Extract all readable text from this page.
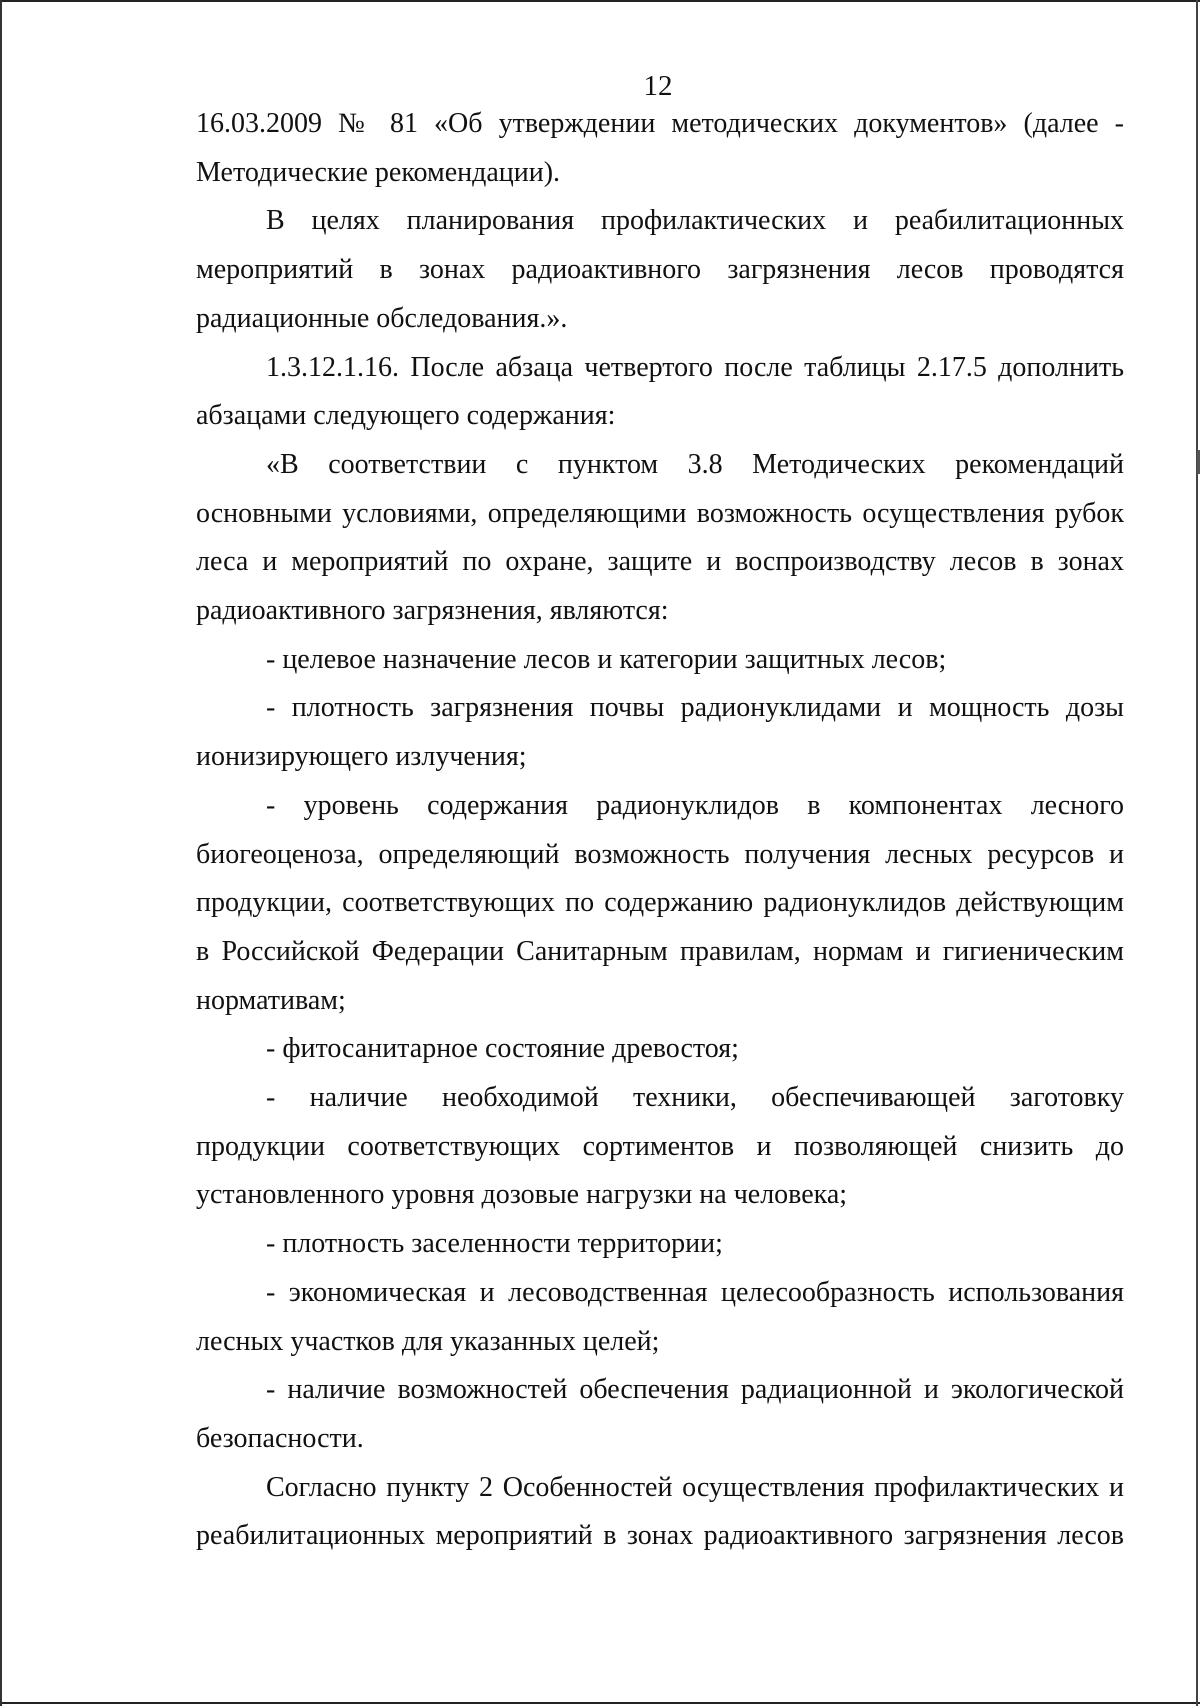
12
16.03.2009 № 81 «Об утверждении методических документов» (далее -
Методические рекомендации).
В целях планирования профилактических и реабилитационных
мероприятий в зонах радиоактивного загрязнения лесов проводятся
радиационные обследования.».
1.3.12.1.16. После абзаца четвертого после таблицы 2.17.5 дополнить
абзацами следующего содержания:
«В соответствии с пунктом 3.8 Методических рекомендаций
основными условиями, определяющими возможность осуществления рубок
леса и мероприятий по охране, защите и воспроизводству лесов в зонах
радиоактивного загрязнения, являются:
- целевое назначение лесов и категории защитных лесов;
- плотность загрязнения почвы радионуклидами и мощность дозы
ионизирующего излучения;
- уровень содержания радионуклидов в компонентах лесного
биогеоценоза, определяющий возможность получения лесных ресурсов и
продукции, соответствующих по содержанию радионуклидов действующим
в Российской Федерации Санитарным правилам, нормам и гигиеническим
нормативам;
- фитосанитарное состояние древостоя;
- наличие необходимой техники, обеспечивающей заготовку
продукции соответствующих сортиментов и позволяющей снизить до
установленного уровня дозовые нагрузки на человека;
- плотность заселенности территории;
- экономическая и лесоводственная целесообразность использования
лесных участков для указанных целей;
- наличие возможностей обеспечения радиационной и экологической
безопасности.
Согласно пункту 2 Особенностей осуществления профилактических и
реабилитационных мероприятий в зонах радиоактивного загрязнения лесов
